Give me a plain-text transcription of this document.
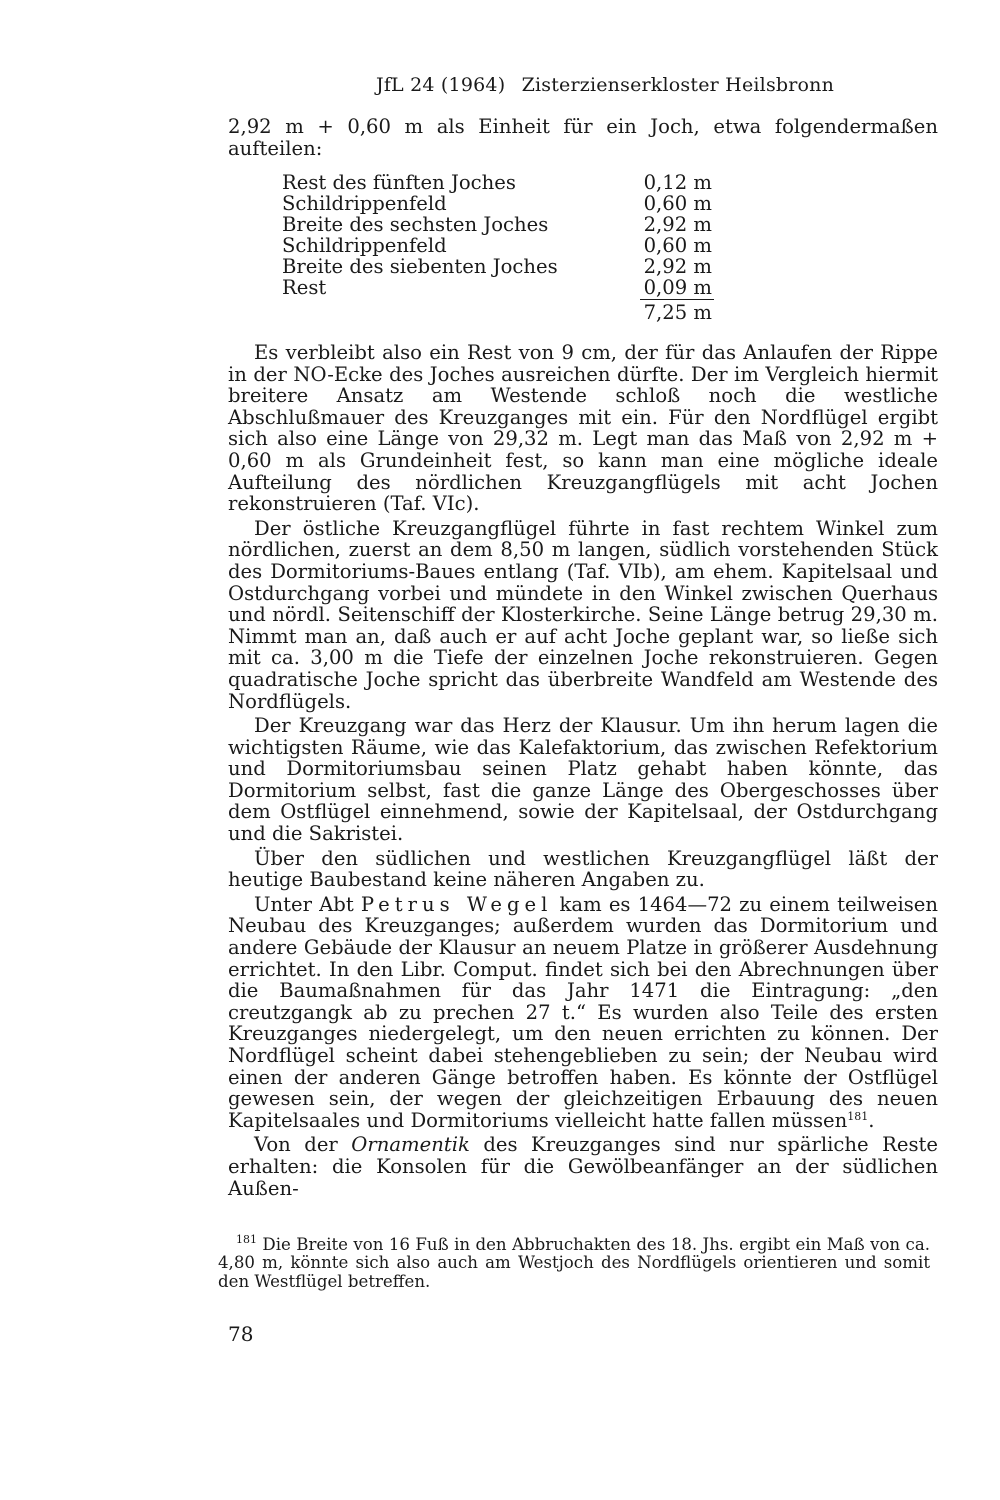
JfL 24 (1964) Zisterzienserkloster Heilsbronn

2,92 m + 0,60 m als Einheit für ein Joch, etwa folgendermaßen aufteilen:

Rest des fünften Joches	0,12 m
Schildrippenfeld	0,60 m
Breite des sechsten Joches	2,92 m
Schildrippenfeld	0,60 m
Breite des siebenten Joches	2,92 m
Rest	0,09 m
	7,25 m

Es verbleibt also ein Rest von 9 cm, der für das Anlaufen der Rippe in der NO-Ecke des Joches ausreichen dürfte. Der im Vergleich hiermit breitere Ansatz am Westende schloß noch die westliche Abschlußmauer des Kreuzganges mit ein. Für den Nordflügel ergibt sich also eine Länge von 29,32 m. Legt man das Maß von 2,92 m + 0,60 m als Grundeinheit fest, so kann man eine mögliche ideale Aufteilung des nördlichen Kreuzgangflügels mit acht Jochen rekonstruieren (Taf. VIc).

Der östliche Kreuzgangflügel führte in fast rechtem Winkel zum nördlichen, zuerst an dem 8,50 m langen, südlich vorstehenden Stück des Dormitoriums-Baues entlang (Taf. VIb), am ehem. Kapitelsaal und Ostdurchgang vorbei und mündete in den Winkel zwischen Querhaus und nördl. Seitenschiff der Klosterkirche. Seine Länge betrug 29,30 m. Nimmt man an, daß auch er auf acht Joche geplant war, so ließe sich mit ca. 3,00 m die Tiefe der einzelnen Joche rekonstruieren. Gegen quadratische Joche spricht das überbreite Wandfeld am Westende des Nordflügels.

Der Kreuzgang war das Herz der Klausur. Um ihn herum lagen die wichtigsten Räume, wie das Kalefaktorium, das zwischen Refektorium und Dormitoriumsbau seinen Platz gehabt haben könnte, das Dormitorium selbst, fast die ganze Länge des Obergeschosses über dem Ostflügel einnehmend, sowie der Kapitelsaal, der Ostdurchgang und die Sakristei.

Über den südlichen und westlichen Kreuzgangflügel läßt der heutige Baubestand keine näheren Angaben zu.

Unter Abt Petrus Wegel kam es 1464—72 zu einem teilweisen Neubau des Kreuzganges; außerdem wurden das Dormitorium und andere Gebäude der Klausur an neuem Platze in größerer Ausdehnung errichtet. In den Libr. Comput. findet sich bei den Abrechnungen über die Baumaßnahmen für das Jahr 1471 die Eintragung: „den creutzgangk ab zu prechen 27 t.“ Es wurden also Teile des ersten Kreuzganges niedergelegt, um den neuen errichten zu können. Der Nordflügel scheint dabei stehengeblieben zu sein; der Neubau wird einen der anderen Gänge betroffen haben. Es könnte der Ostflügel gewesen sein, der wegen der gleichzeitigen Erbauung des neuen Kapitelsaales und Dormitoriums vielleicht hatte fallen müssen$^{181}$.

Von der Ornamentik des Kreuzganges sind nur spärliche Reste erhalten: die Konsolen für die Gewölbeanfänger an der südlichen Außen-

$^{181}$ Die Breite von 16 Fuß in den Abbruchakten des 18. Jhs. ergibt ein Maß von ca. 4,80 m, könnte sich also auch am Westjoch des Nordflügels orientieren und somit den Westflügel betreffen.

78
